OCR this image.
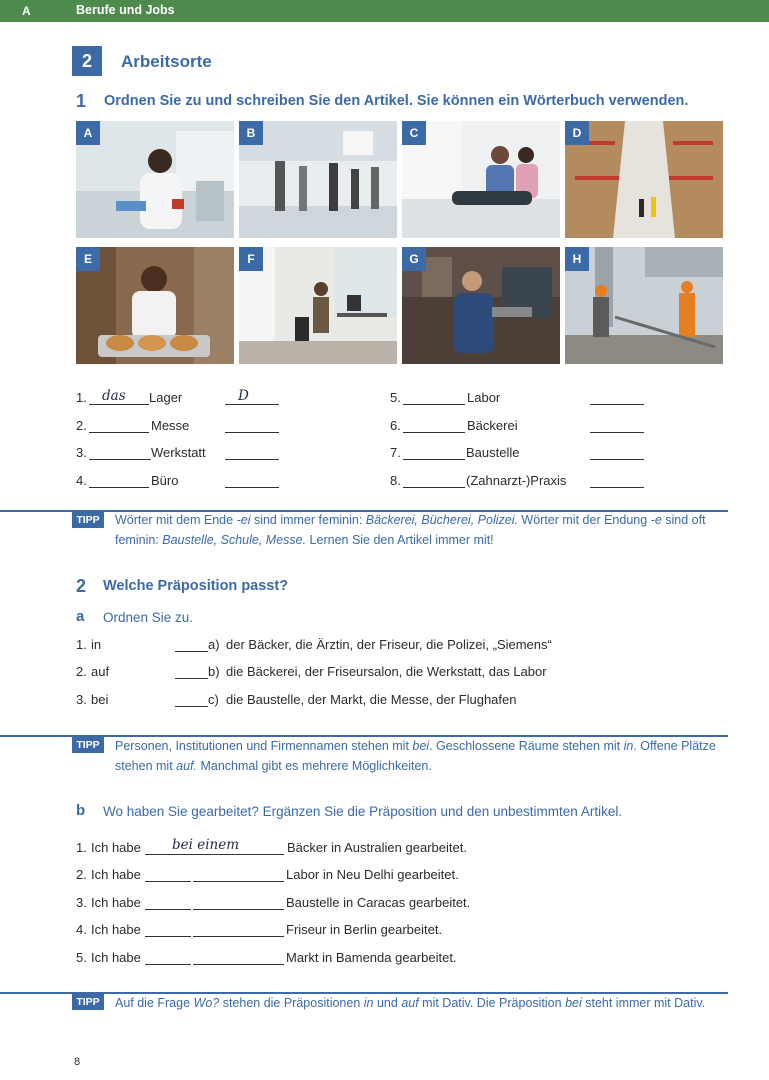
A	Berufe und Jobs
2	Arbeitsorte
1 Ordnen Sie zu und schreiben Sie den Artikel. Sie können ein Wörterbuch verwenden.
A	B	C	D
E	F	G	H
1. das Lager	D
2.	Messe
3.	Werkstatt
4.	Büro
5.	Labor
6.	Bäckerei
7.	Baustelle
8.	(Zahnarzt-)Praxis
TIPP	Wörter mit dem Ende -ei sind immer feminin: Bäckerei, Bücherei, Polizei. Wörter mit der Endung -e sind oft feminin: Baustelle, Schule, Messe. Lernen Sie den Artikel immer mit!
2 Welche Präposition passt?
a Ordnen Sie zu.
1. in	a) der Bäcker, die Ärztin, der Friseur, die Polizei, „Siemens“
2. auf	b) die Bäckerei, der Friseursalon, die Werkstatt, das Labor
3. bei	c) die Baustelle, der Markt, die Messe, der Flughafen
TIPP	Personen, Institutionen und Firmennamen stehen mit bei. Geschlossene Räume stehen mit in. Offene Plätze stehen mit auf. Manchmal gibt es mehrere Möglichkeiten.
b Wo haben Sie gearbeitet? Ergänzen Sie die Präposition und den unbestimmten Artikel.
1. Ich habe bei einem	Bäcker in Australien gearbeitet.
2. Ich habe	Labor in Neu Delhi gearbeitet.
3. Ich habe	Baustelle in Caracas gearbeitet.
4. Ich habe	Friseur in Berlin gearbeitet.
5. Ich habe	Markt in Bamenda gearbeitet.
TIPP	Auf die Frage Wo? stehen die Präpositionen in und auf mit Dativ. Die Präposition bei steht immer mit Dativ.
8
